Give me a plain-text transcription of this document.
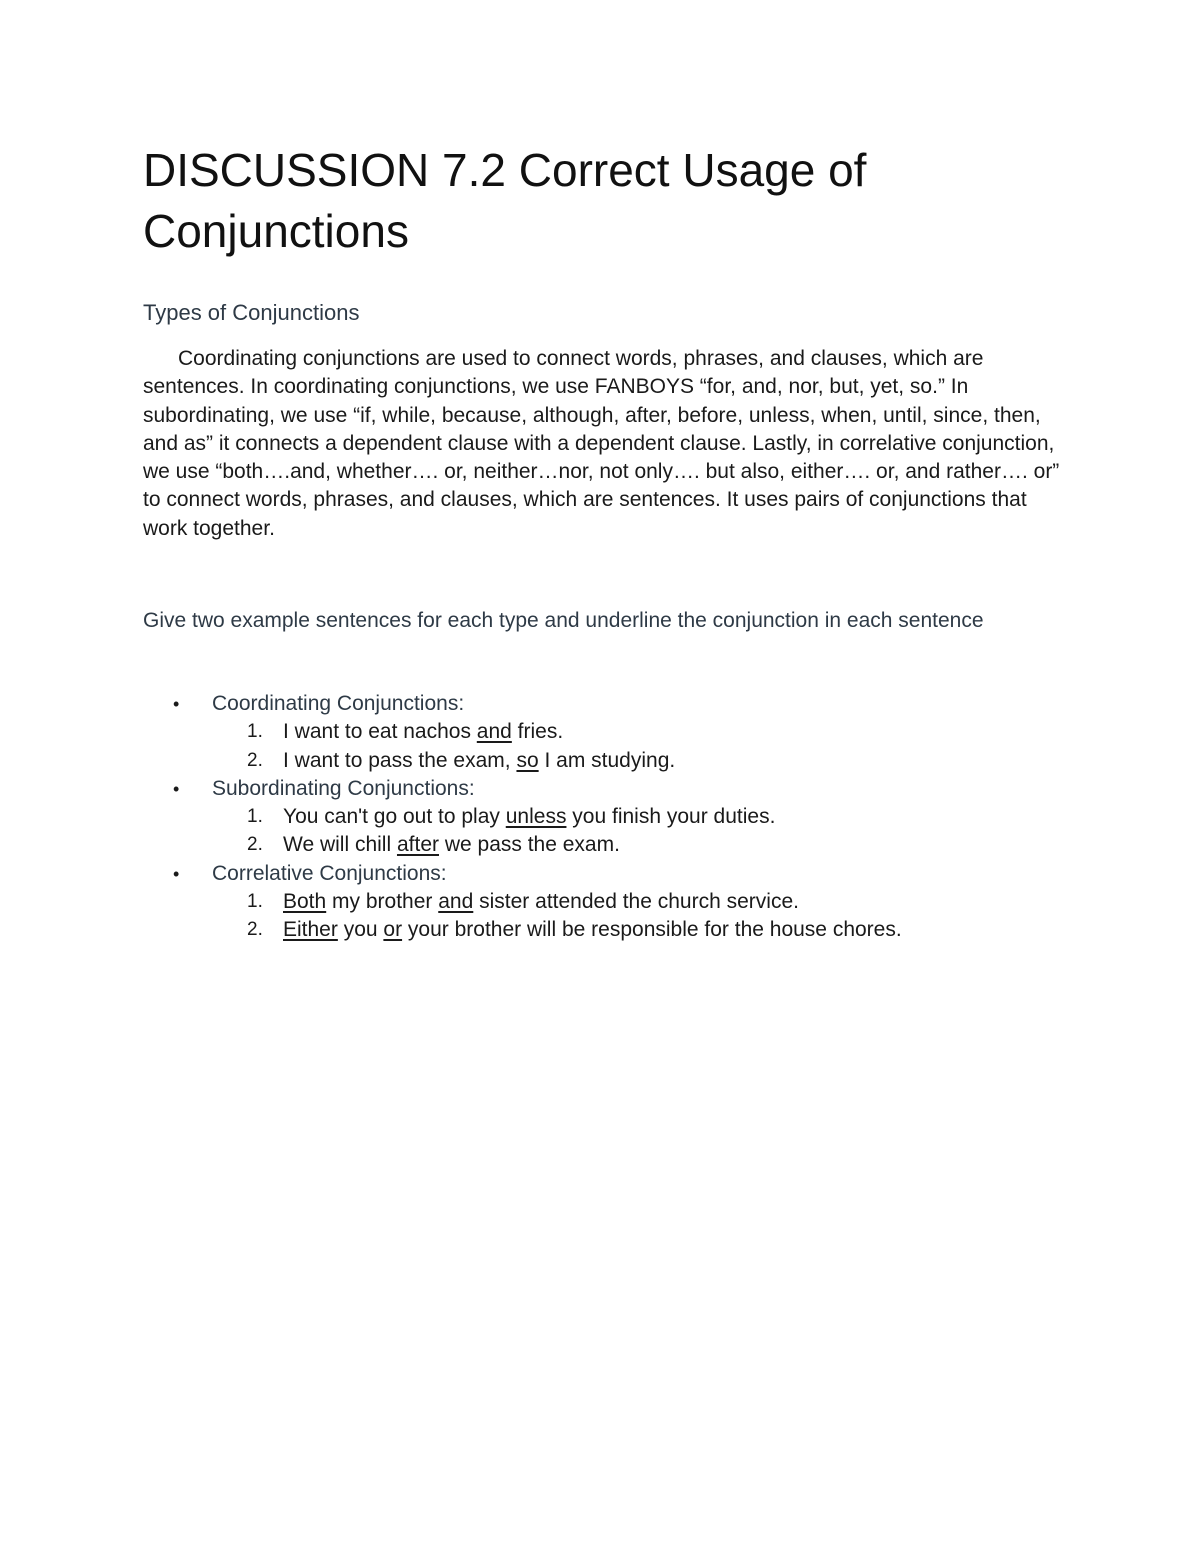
DISCUSSION 7.2 Correct Usage of Conjunctions

Types of Conjunctions

Coordinating conjunctions are used to connect words, phrases, and clauses, which are sentences. In coordinating conjunctions, we use FANBOYS “for, and, nor, but, yet, so.” In subordinating, we use “if, while, because, although, after, before, unless, when, until, since, then, and as” it connects a dependent clause with a dependent clause. Lastly, in correlative conjunction, we use “both….and, whether…. or, neither…nor, not only…. but also, either…. or, and rather…. or” to connect words, phrases, and clauses, which are sentences. It uses pairs of conjunctions that work together.

Give two example sentences for each type and underline the conjunction in each sentence

• Coordinating Conjunctions:
1. I want to eat nachos and fries.
2. I want to pass the exam, so I am studying.
• Subordinating Conjunctions:
1. You can't go out to play unless you finish your duties.
2. We will chill after we pass the exam.
• Correlative Conjunctions:
1. Both my brother and sister attended the church service.
2. Either you or your brother will be responsible for the house chores.
